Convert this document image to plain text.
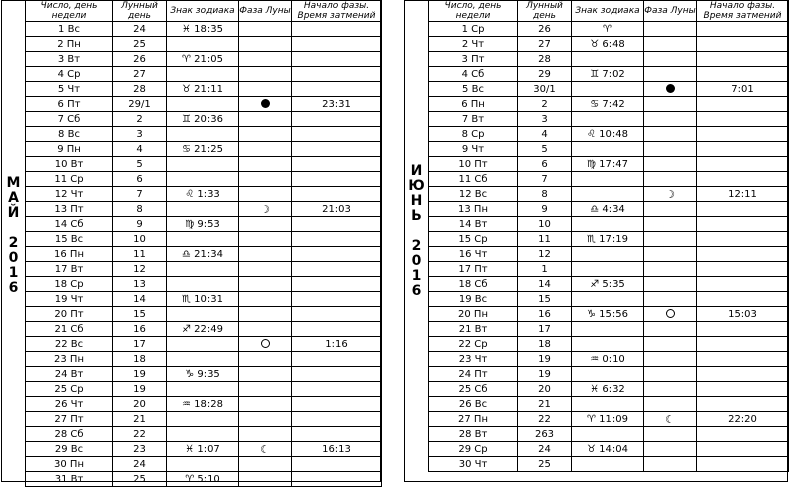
М
А
Й

2
0
1
6
Число, день недели	Лунный день	Знак зодиака	Фаза Луны	Начало фазы. Время затмений
1 Вс	24	♓ 18:35		
2 Пн	25			
3 Вт	26	♈ 21:05		
4 Ср	27			
5 Чт	28	♉ 21:11		
6 Пт	29/1			23:31
7 Сб	2	♊ 20:36		
8 Вс	3			
9 Пн	4	♋ 21:25		
10 Вт	5			
11 Ср	6			
12 Чт	7	♌ 1:33		
13 Пт	8		☽	21:03
14 Сб	9	♍ 9:53		
15 Вс	10			
16 Пн	11	♎ 21:34		
17 Вт	12			
18 Ср	13			
19 Чт	14	♏ 10:31		
20 Пт	15			
21 Сб	16	♐ 22:49		
22 Вс	17			1:16
23 Пн	18			
24 Вт	19	♑ 9:35		
25 Ср	19			
26 Чт	20	♒ 18:28		
27 Пт	21			
28 Сб	22			
29 Вс	23	♓ 1:07	☾	16:13
30 Пн	24			
31 Вт	25	♈ 5:10		
И
Ю
Н
Ь

2
0
1
6
Число, день недели	Лунный день	Знак зодиака	Фаза Луны	Начало фазы. Время затмений
1 Ср	26	♈		
2 Чт	27	♉ 6:48		
3 Пт	28			
4 Сб	29	♊ 7:02		
5 Вс	30/1			7:01
6 Пн	2	♋ 7:42		
7 Вт	3			
8 Ср	4	♌ 10:48		
9 Чт	5			
10 Пт	6	♍ 17:47		
11 Сб	7			
12 Вс	8		☽	12:11
13 Пн	9	♎ 4:34		
14 Вт	10			
15 Ср	11	♏ 17:19		
16 Чт	12			
17 Пт	1			
18 Сб	14	♐ 5:35		
19 Вс	15			
20 Пн	16	♑ 15:56		15:03
21 Вт	17			
22 Ср	18			
23 Чт	19	♒ 0:10		
24 Пт	19			
25 Сб	20	♓ 6:32		
26 Вс	21			
27 Пн	22	♈ 11:09	☾	22:20
28 Вт	263			
29 Ср	24	♉ 14:04		
30 Чт	25			
